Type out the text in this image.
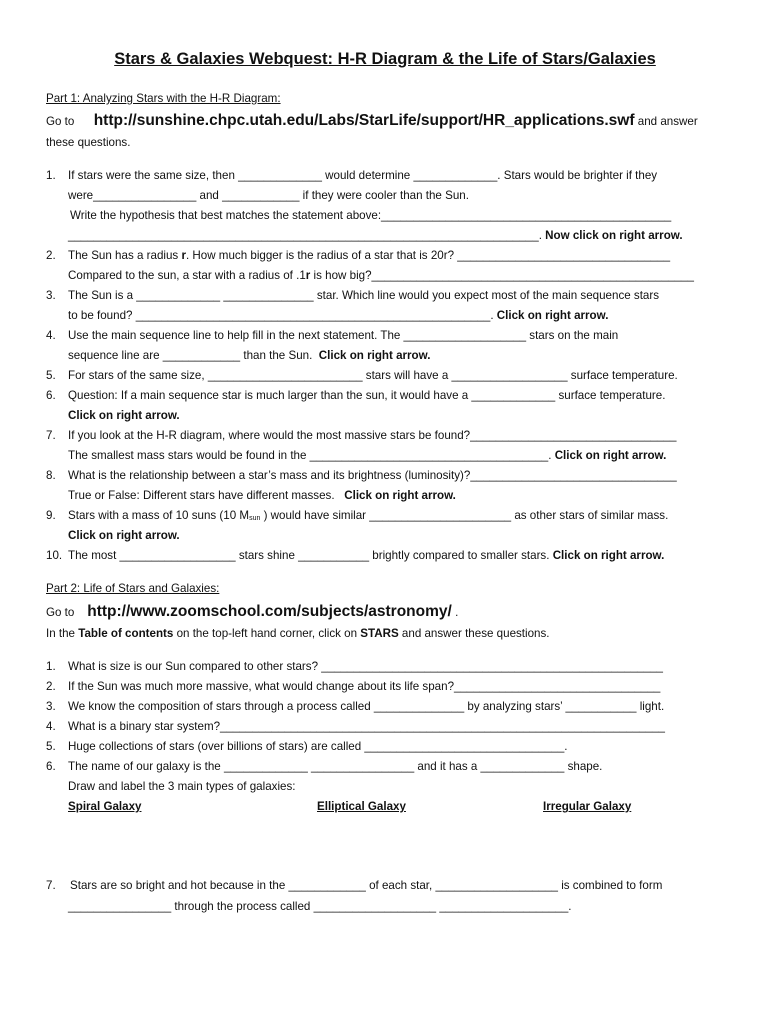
Stars & Galaxies Webquest: H-R Diagram & the Life of Stars/Galaxies
Part 1: Analyzing Stars with the H-R Diagram:
Go to http://sunshine.chpc.utah.edu/Labs/StarLife/support/HR_applications.swf and answer
these questions.
1.	If stars were the same size, then _____________ would determine _____________. Stars would be brighter if they
were________________ and ____________ if they were cooler than the Sun.
Write the hypothesis that best matches the statement above:_____________________________________________
_________________________________________________________________________. Now click on right arrow.
2.	The Sun has a radius r. How much bigger is the radius of a star that is 20r? _________________________________
Compared to the sun, a star with a radius of .1r is how big?__________________________________________________
3.	The Sun is a _____________ ______________ star. Which line would you expect most of the main sequence stars
to be found? _______________________________________________________. Click on right arrow.
4.	Use the main sequence line to help fill in the next statement. The ___________________ stars on the main
sequence line are ____________ than the Sun. Click on right arrow.
5.	For stars of the same size, ________________________ stars will have a __________________ surface temperature.
6.	Question: If a main sequence star is much larger than the sun, it would have a _____________ surface temperature.
Click on right arrow.
7.	If you look at the H-R diagram, where would the most massive stars be found?________________________________
The smallest mass stars would be found in the _____________________________________. Click on right arrow.
8.	What is the relationship between a star’s mass and its brightness (luminosity)?________________________________
True or False: Different stars have different masses. Click on right arrow.
9.	Stars with a mass of 10 suns (10 $M_{sun}$ ) would have similar ______________________ as other stars of similar mass.
Click on right arrow.
10. The most __________________ stars shine ___________ brightly compared to smaller stars. Click on right arrow.
Part 2: Life of Stars and Galaxies:
Go to http://www.zoomschool.com/subjects/astronomy/ .
In the Table of contents on the top-left hand corner, click on STARS and answer these questions.
1.	What is size is our Sun compared to other stars? _____________________________________________________
2.	If the Sun was much more massive, what would change about its life span?________________________________
3.	We know the composition of stars through a process called ______________ by analyzing stars’ ___________ light.
4.	What is a binary star system?_____________________________________________________________________
5.	Huge collections of stars (over billions of stars) are called _______________________________.
6.	The name of our galaxy is the _____________ ________________ and it has a _____________ shape.
Draw and label the 3 main types of galaxies:
Spiral Galaxy	Elliptical Galaxy	Irregular Galaxy
7.	Stars are so bright and hot because in the ____________ of each star, ___________________ is combined to form
________________ through the process called ___________________ ____________________.
